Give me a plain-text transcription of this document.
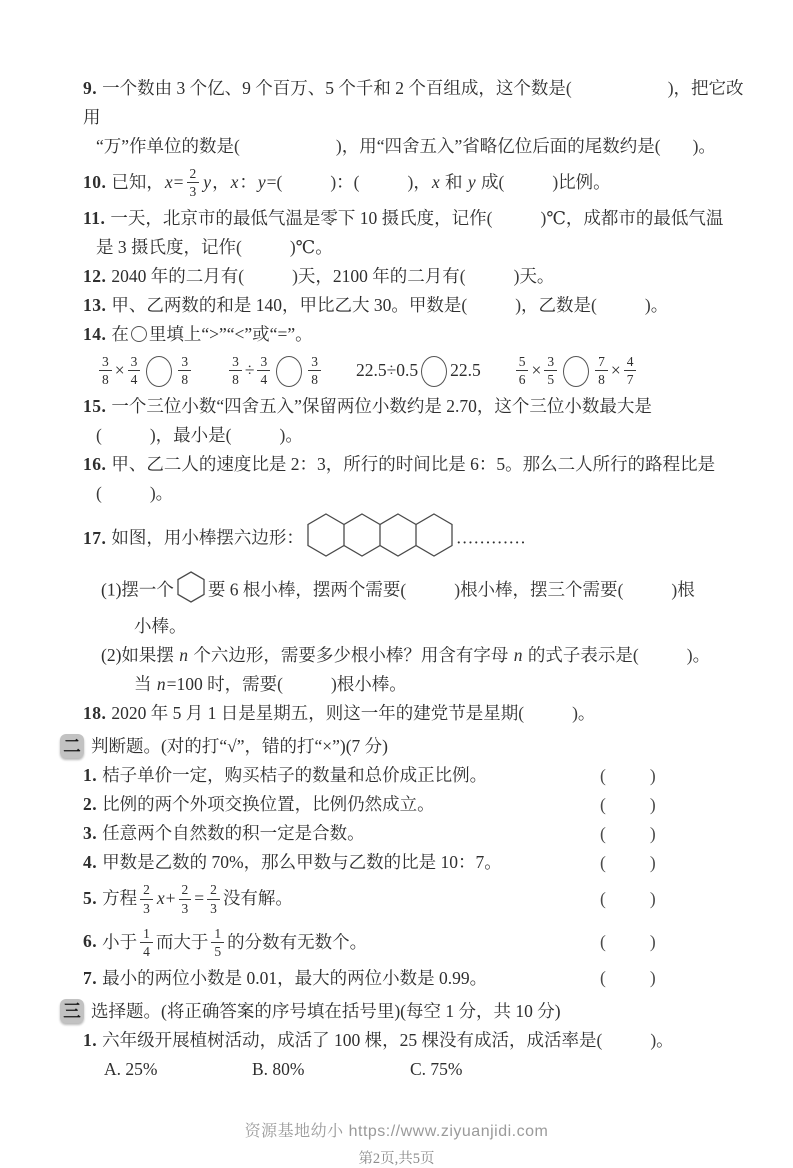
9. 一个数由 3 个亿、9 个百万、5 个千和 2 个百组成，这个数是(	)，把它改用
“万”作单位的数是(	)，用“四舍五入”省略亿位后面的尾数约是( )。
10. 已知，$x= \frac{2}{3}$ y，x：y=(	)：(	)，x 和 y 成(	)比例。
11. 一天，北京市的最低气温是零下 10 摄氏度，记作(	)℃，成都市的最低气温
是 3 摄氏度，记作(	)℃。
12. 2040 年的二月有(	)天，2100 年的二月有(	)天。
13. 甲、乙两数的和是 140，甲比乙大 30。甲数是(	)，乙数是(	)。
14. 在 里填上“>”“<”或“=”。
$\frac{3}{8} \times \frac{3}{4}$	$\frac{3}{8}$	$\frac{3}{8} \div \frac{3}{4}$	$\frac{3}{8} 22.5\div 0.5$ 22.5	$\frac{5}{6} \times \frac{3}{5}$	$\frac{7}{8} \times \frac{4}{7}$
15. 一个三位小数“四舍五入”保留两位小数约是 2.70，这个三位小数最大是
(	)，最小是(	)。
16. 甲、乙二人的速度比是 2：3，所行的时间比是 6：5。那么二人所行的路程比是
(	)。
17. 如图，用小棒摆六边形：	…………
(1)摆一个 要 6 根小棒，摆两个需要(	)根小棒，摆三个需要(	)根
小棒。
(2)如果摆 n 个六边形，需要多少根小棒？用含有字母 n 的式子表示是(	)。
当 n=100 时，需要(	)根小棒。
18. 2020 年 5 月 1 日是星期五，则这一年的建党节是星期(	)。
二 判断题。(对的打“√”，错的打“×”)(7 分)
1. 桔子单价一定，购买桔子的数量和总价成正比例。	(	)
2. 比例的两个外项交换位置，比例仍然成立。	(	)
3. 任意两个自然数的积一定是合数。	(	)
4. 甲数是乙数的 70%，那么甲数与乙数的比是 10：7。	(	)
5. 方程 $\frac{2}{3} x+ \frac{2}{3} = \frac{2}{3}$ 没有解。	(	)
6. 小于 $\frac{1}{4}$ 而大于 $\frac{1}{5}$ 的分数有无数个。	(	)
7. 最小的两位小数是 0.01，最大的两位小数是 0.99。	(	)
三 选择题。(将正确答案的序号填在括号里)(每空 1 分，共 10 分)
1. 六年级开展植树活动，成活了 100 棵，25 棵没有成活，成活率是(	)。
A. 25%	B. 80%	C. 75%
资源基地幼小 https://www.ziyuanjidi.com
第2页,共5页
